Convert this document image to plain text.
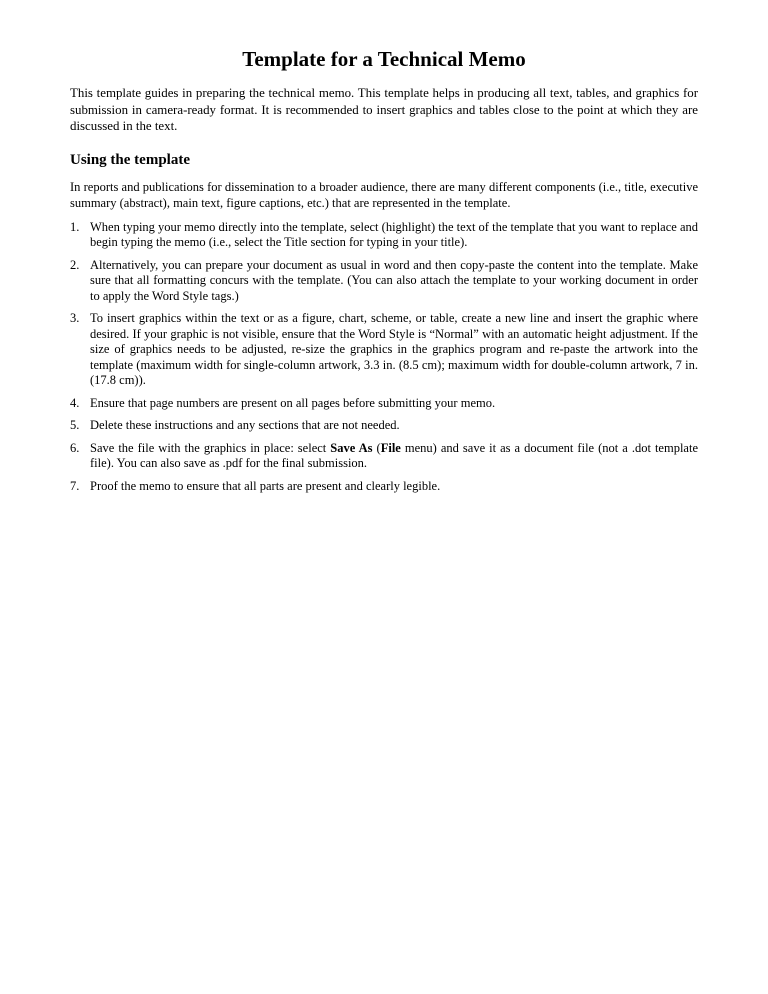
Template for a Technical Memo

This template guides in preparing the technical memo. This template helps in producing all text, tables, and graphics for submission in camera-ready format. It is recommended to insert graphics and tables close to the point at which they are discussed in the text.

Using the template

In reports and publications for dissemination to a broader audience, there are many different components (i.e., title, executive summary (abstract), main text, figure captions, etc.) that are represented in the template.

1. When typing your memo directly into the template, select (highlight) the text of the template that you want to replace and begin typing the memo (i.e., select the Title section for typing in your title).
2. Alternatively, you can prepare your document as usual in word and then copy-paste the content into the template. Make sure that all formatting concurs with the template. (You can also attach the template to your working document in order to apply the Word Style tags.)
3. To insert graphics within the text or as a figure, chart, scheme, or table, create a new line and insert the graphic where desired. If your graphic is not visible, ensure that the Word Style is “Normal” with an automatic height adjustment. If the size of graphics needs to be adjusted, re-size the graphics in the graphics program and re-paste the artwork into the template (maximum width for single-column artwork, 3.3 in. (8.5 cm); maximum width for double-column artwork, 7 in. (17.8 cm)).
4. Ensure that page numbers are present on all pages before submitting your memo.
5. Delete these instructions and any sections that are not needed.
6. Save the file with the graphics in place: select Save As (File menu) and save it as a document file (not a .dot template file). You can also save as .pdf for the final submission.
7. Proof the memo to ensure that all parts are present and clearly legible.
